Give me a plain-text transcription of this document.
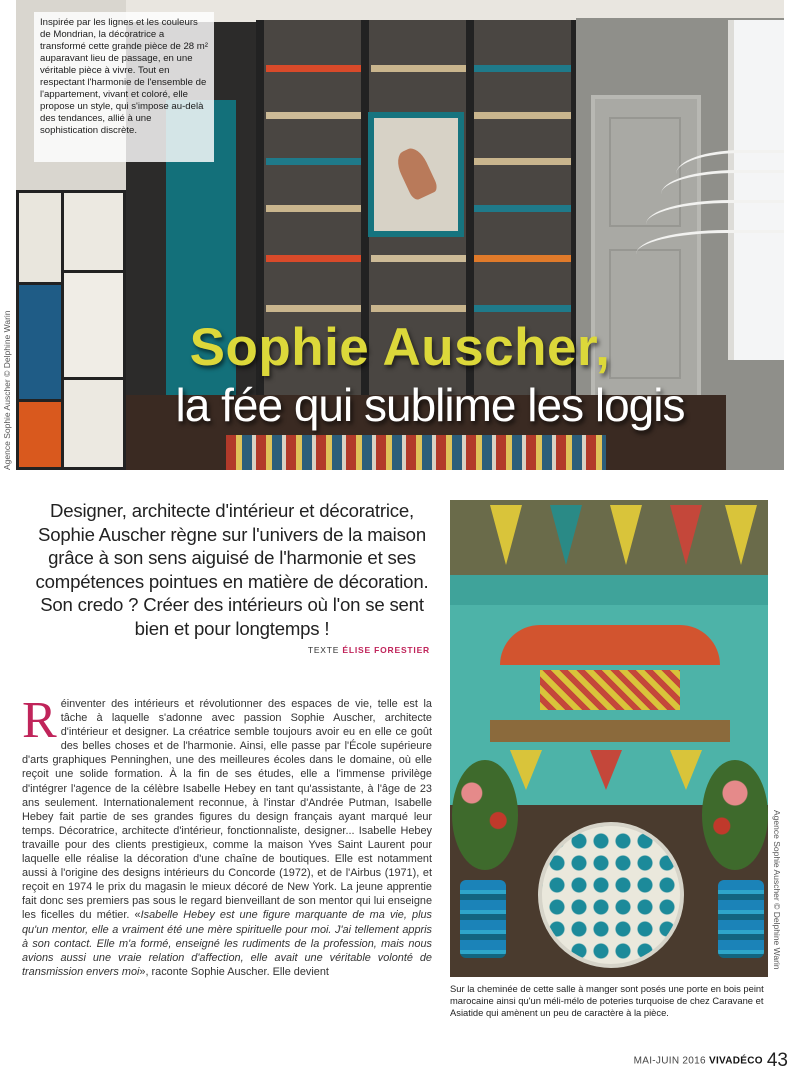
Inspirée par les lignes et les couleurs de Mondrian, la décoratrice a transformé cette grande pièce de 28 m² auparavant lieu de passage, en une véritable pièce à vivre. Tout en respectant l'harmonie de l'ensemble de l'appartement, vivant et coloré, elle propose un style, qui s'impose au-delà des tendances, allié à une sophistication discrète.
Sophie Auscher,
la fée qui sublime les logis
Agence Sophie Auscher © Delphine Warin
Designer, architecte d'intérieur et décoratrice, Sophie Auscher règne sur l'univers de la maison grâce à son sens aiguisé de l'harmonie et ses compétences pointues en matière de décoration. Son credo ? Créer des intérieurs où l'on se sent bien et pour longtemps !
TEXTE ÉLISE FORESTIER
Réinventer des intérieurs et révolutionner des espaces de vie, telle est la tâche à laquelle s'adonne avec passion Sophie Auscher, architecte d'intérieur et designer. La créatrice semble toujours avoir eu en elle ce goût des belles choses et de l'harmonie. Ainsi, elle passe par l'École supérieure d'arts graphiques Penninghen, une des meilleures écoles dans le domaine, où elle reçoit une solide formation. À la fin de ses études, elle a l'immense privilège d'intégrer l'agence de la célèbre Isabelle Hebey en tant qu'assistante, à l'âge de 23 ans seulement. Internationalement reconnue, à l'instar d'Andrée Putman, Isabelle Hebey fait partie de ses grandes figures du design français ayant marqué leur temps. Décoratrice, architecte d'intérieur, fonctionnaliste, designer... Isabelle Hebey travaille pour des clients prestigieux, comme la maison Yves Saint Laurent pour laquelle elle réalise la décoration d'une chaîne de boutiques. Elle est notamment aussi à l'origine des designs intérieurs du Concorde (1972), et de l'Airbus (1971), et reçoit en 1974 le prix du magasin le mieux décoré de New York. La jeune apprentie fait donc ses premiers pas sous le regard bienveillant de son mentor qui lui enseigne les ficelles du métier. «Isabelle Hebey est une figure marquante de ma vie, plus qu'un mentor, elle a vraiment été une mère spirituelle pour moi. J'ai tellement appris à son contact. Elle m'a formé, enseigné les rudiments de la profession, mais nous avions aussi une vraie relation d'affection, elle avait une véritable volonté de transmission envers moi», raconte Sophie Auscher. Elle devient
Agence Sophie Auscher © Delphine Warin
Sur la cheminée de cette salle à manger sont posés une porte en bois peint marocaine ainsi qu'un méli-mélo de poteries turquoise de chez Caravane et Asiatide qui amènent un peu de caractère à la pièce.
MAI-JUIN 2016 VIVADÉCO 43
